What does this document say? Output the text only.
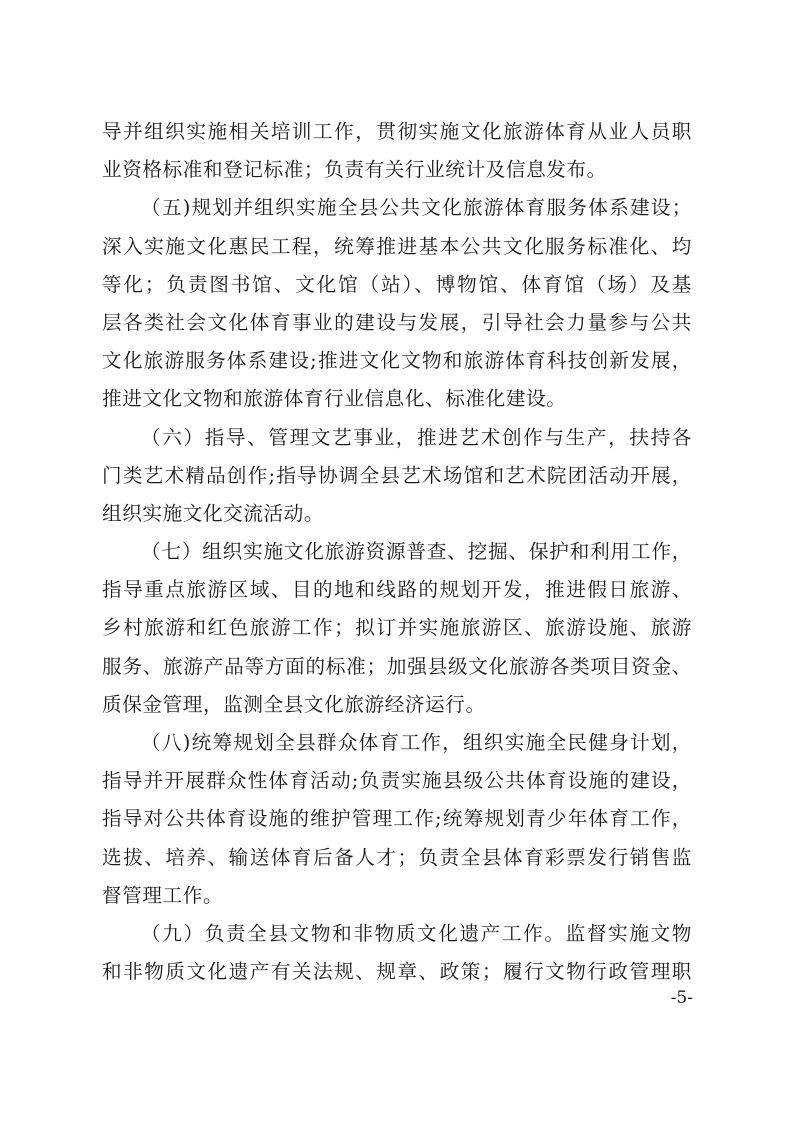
导并组织实施相关培训工作，贯彻实施文化旅游体育从业人员职
业资格标准和登记标准；负责有关行业统计及信息发布。
（五)规划并组织实施全县公共文化旅游体育服务体系建设；
深入实施文化惠民工程，统筹推进基本公共文化服务标准化、均
等化；负责图书馆、文化馆（站）、博物馆、体育馆（场）及基
层各类社会文化体育事业的建设与发展，引导社会力量参与公共
文化旅游服务体系建设;推进文化文物和旅游体育科技创新发展，
推进文化文物和旅游体育行业信息化、标准化建设。
（六）指导、管理文艺事业，推进艺术创作与生产，扶持各
门类艺术精品创作;指导协调全县艺术场馆和艺术院团活动开展，
组织实施文化交流活动。
（七）组织实施文化旅游资源普查、挖掘、保护和利用工作，
指导重点旅游区域、目的地和线路的规划开发，推进假日旅游、
乡村旅游和红色旅游工作；拟订并实施旅游区、旅游设施、旅游
服务、旅游产品等方面的标准；加强县级文化旅游各类项目资金、
质保金管理，监测全县文化旅游经济运行。
（八)统筹规划全县群众体育工作，组织实施全民健身计划，
指导并开展群众性体育活动;负责实施县级公共体育设施的建设，
指导对公共体育设施的维护管理工作;统筹规划青少年体育工作，
选拔、培养、输送体育后备人才；负责全县体育彩票发行销售监
督管理工作。
（九）负责全县文物和非物质文化遗产工作。监督实施文物
和非物质文化遗产有关法规、规章、政策；履行文物行政管理职
-5-
